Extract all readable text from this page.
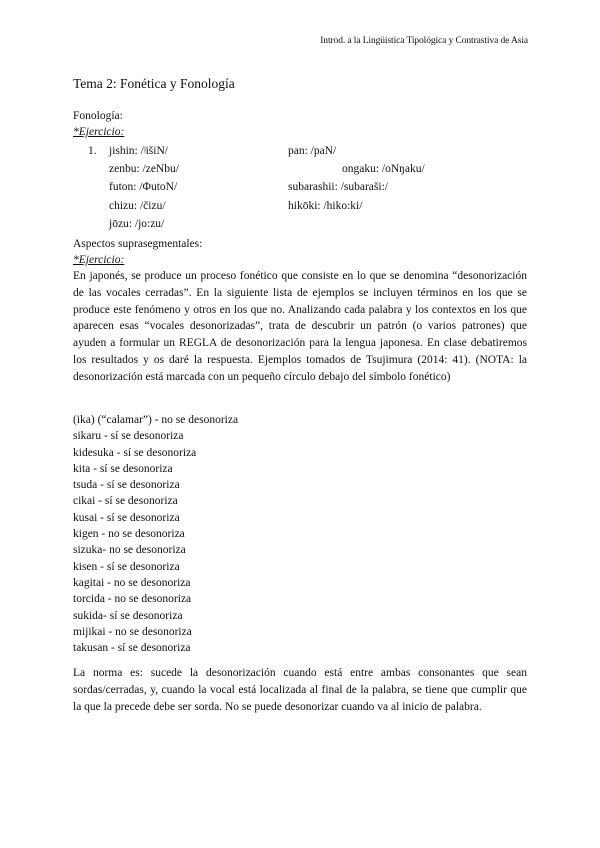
Introd. a la Lingüística Tipológica y Contrastiva de Asia
Tema 2: Fonética y Fonología
Fonología:
*Ejercicio:
1. jishin: /ʲišiN/
zenbu: /zeNbu/
futon: /ΦutoN/
chizu: /čizu/
jōzu: /jo:zu/
pan: /paN/
ongaku: /oNŋaku/
subarashii: /subaraši:/
hikōki: /hiko:ki/
Aspectos suprasegmentales:
*Ejercicio:
En japonés, se produce un proceso fonético que consiste en lo que se denomina “desonorización de las vocales cerradas”. En la siguiente lista de ejemplos se incluyen términos en los que se produce este fenómeno y otros en los que no. Analizando cada palabra y los contextos en los que aparecen esas “vocales desonorizadas”, trata de descubrir un patrón (o varios patrones) que ayuden a formular un REGLA de desonorización para la lengua japonesa. En clase debatiremos los resultados y os daré la respuesta. Ejemplos tomados de Tsujimura (2014: 41). (NOTA: la desonorización está marcada con un pequeño círculo debajo del símbolo fonético)
(ika) (“calamar”) - no se desonoriza
sikaru - sí se desonoriza
kidesuka - sí se desonoriza
kita - sí se desonoriza
tsuda - sí se desonoriza
cikai - sí se desonoriza
kusai - sí se desonoriza
kigen - no se desonoriza
sizuka- no se desonoriza
kisen - sí se desonoriza
kagitai - no se desonoriza
torcida - no se desonoriza
sukida- sí se desonoriza
mijikai - no se desonoriza
takusan - sí se desonoriza
La norma es: sucede la desonorización cuando está entre ambas consonantes que sean sordas/cerradas, y, cuando la vocal está localizada al final de la palabra, se tiene que cumplir que la que la precede debe ser sorda. No se puede desonorizar cuando va al inicio de palabra.
